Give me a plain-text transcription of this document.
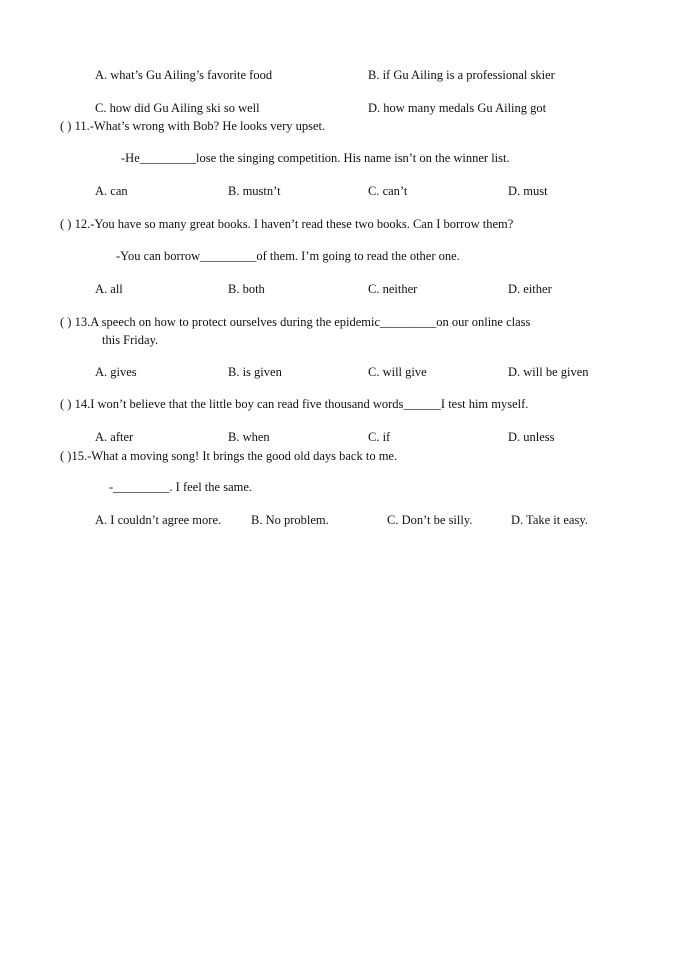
A. what’s Gu Ailing’s favorite food	B. if Gu Ailing is a professional skier
C. how did Gu Ailing ski so well	D. how many medals Gu Ailing got
( ) 11.-What’s wrong with Bob? He looks very upset.
-He_________lose the singing competition. His name isn’t on the winner list.
A. can	B. mustn’t	C. can’t	D. must
( ) 12.-You have so many great books. I haven’t read these two books. Can I borrow them?
-You can borrow_________of them. I’m going to read the other one.
A. all	B. both	C. neither	D. either
( ) 13.A speech on how to protect ourselves during the epidemic_________on our online class
this Friday.
A. gives	B. is given	C. will give	D. will be given
( ) 14.I won’t believe that the little boy can read five thousand words______I test him myself.
A. after	B. when	C. if	D. unless
( )15.-What a moving song! It brings the good old days back to me.
-_________. I feel the same.
A. I couldn’t agree more. B. No problem.	C. Don’t be silly.	D. Take it easy.
